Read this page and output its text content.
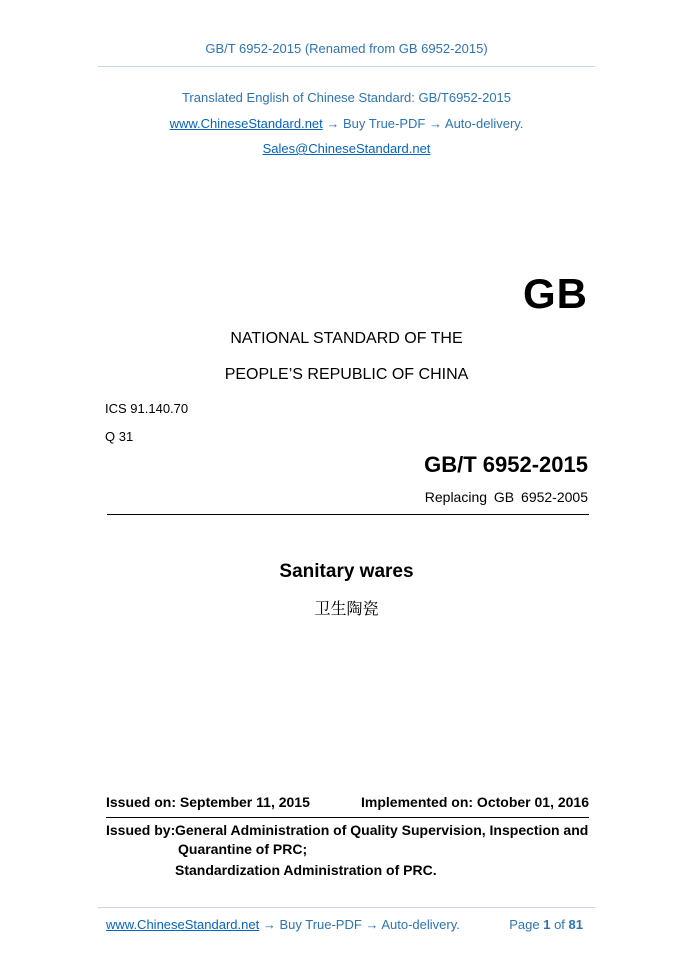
GB/T 6952-2015 (Renamed from GB 6952-2015)
Translated English of Chinese Standard: GB/T6952-2015
www.ChineseStandard.net → Buy True-PDF → Auto-delivery.
Sales@ChineseStandard.net
GB
NATIONAL STANDARD OF THE
PEOPLE’S REPUBLIC OF CHINA
ICS 91.140.70
Q 31
GB/T 6952-2015
Replacing GB 6952-2005
Sanitary wares
卫生陶瓷
Issued on: September 11, 2015	Implemented on: October 01, 2016
Issued by: General Administration of Quality Supervision, Inspection and
Quarantine of PRC;
Standardization Administration of PRC.
www.ChineseStandard.net → Buy True-PDF → Auto-delivery.	Page 1 of 81
